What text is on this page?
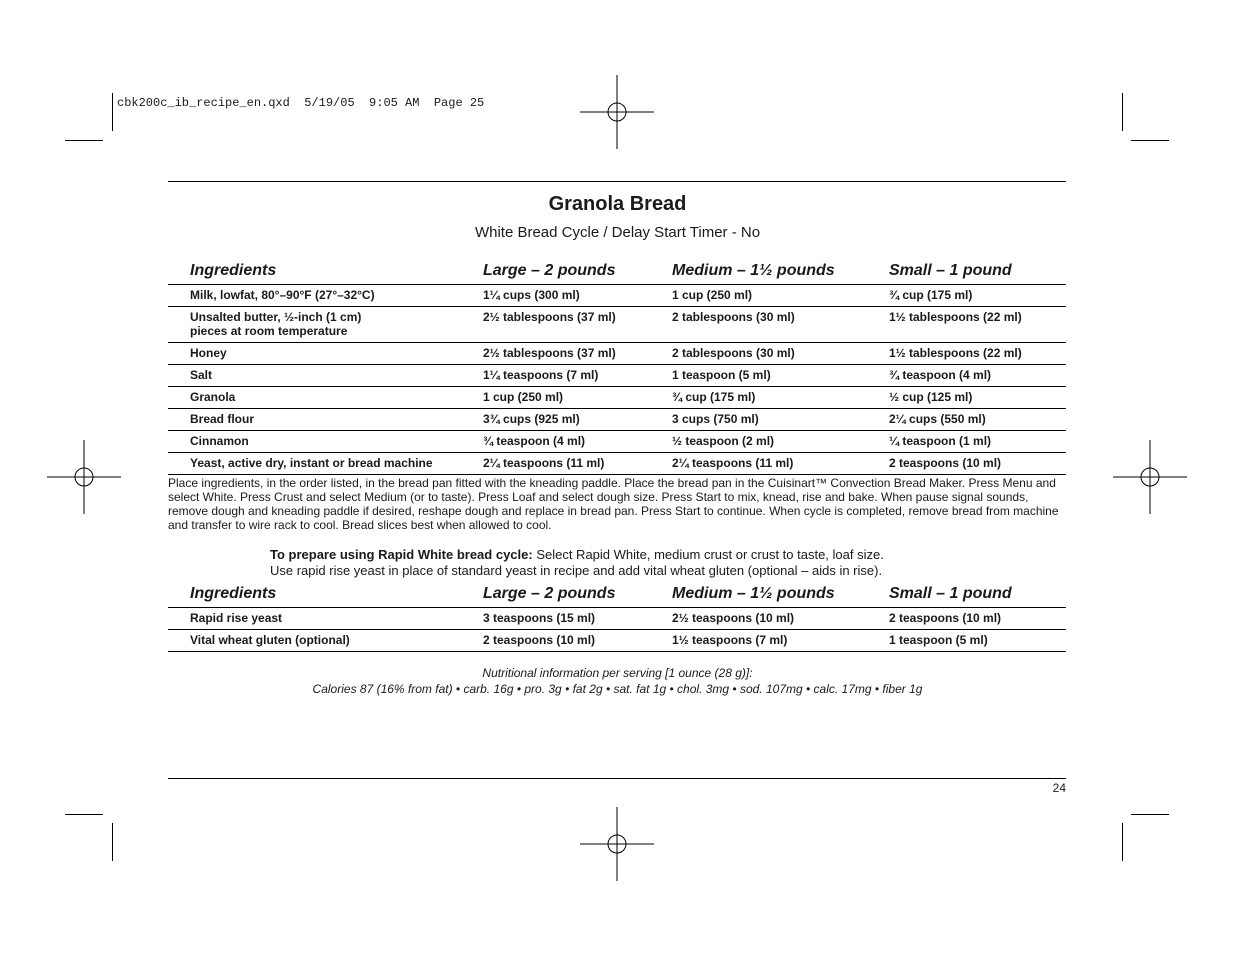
cbk200c_ib_recipe_en.qxd  5/19/05  9:05 AM  Page 25
Granola Bread
White Bread Cycle / Delay Start Timer - No
Ingredients	Large – 2 pounds	Medium – 1½ pounds	Small – 1 pound
Milk, lowfat, 80°–90°F (27°–32°C)	1¼ cups (300 ml)	1 cup (250 ml)	¾ cup (175 ml)
Unsalted butter, ½-inch (1 cm)
pieces at room temperature	2½ tablespoons (37 ml)	2 tablespoons (30 ml)	1½ tablespoons (22 ml)
Honey	2½ tablespoons (37 ml)	2 tablespoons (30 ml)	1½ tablespoons (22 ml)
Salt	1¼ teaspoons (7 ml)	1 teaspoon (5 ml)	¾ teaspoon (4 ml)
Granola	1 cup (250 ml)	¾ cup (175 ml)	½ cup (125 ml)
Bread flour	3¾ cups (925 ml)	3 cups (750 ml)	2¼ cups (550 ml)
Cinnamon	¾ teaspoon (4 ml)	½ teaspoon (2 ml)	¼ teaspoon (1 ml)
Yeast, active dry, instant or bread machine	2¼ teaspoons (11 ml)	2¼ teaspoons (11 ml)	2 teaspoons (10 ml)
Place ingredients, in the order listed, in the bread pan fitted with the kneading paddle. Place the bread pan in the Cuisinart™ Convection Bread Maker. Press Menu and select White. Press Crust and select Medium (or to taste). Press Loaf and select dough size. Press Start to mix, knead, rise and bake. When pause signal sounds, remove dough and kneading paddle if desired, reshape dough and replace in bread pan. Press Start to continue. When cycle is completed, remove bread from machine and transfer to wire rack to cool. Bread slices best when allowed to cool.
To prepare using Rapid White bread cycle: Select Rapid White, medium crust or crust to taste, loaf size.
Use rapid rise yeast in place of standard yeast in recipe and add vital wheat gluten (optional – aids in rise).
Ingredients	Large – 2 pounds	Medium – 1½ pounds	Small – 1 pound
Rapid rise yeast	3 teaspoons (15 ml)	2½ teaspoons (10 ml)	2 teaspoons (10 ml)
Vital wheat gluten (optional)	2 teaspoons (10 ml)	1½ teaspoons (7 ml)	1 teaspoon (5 ml)
Nutritional information per serving [1 ounce (28 g)]:
Calories 87 (16% from fat) • carb. 16g • pro. 3g • fat 2g • sat. fat 1g • chol. 3mg • sod. 107mg • calc. 17mg • fiber 1g
24
